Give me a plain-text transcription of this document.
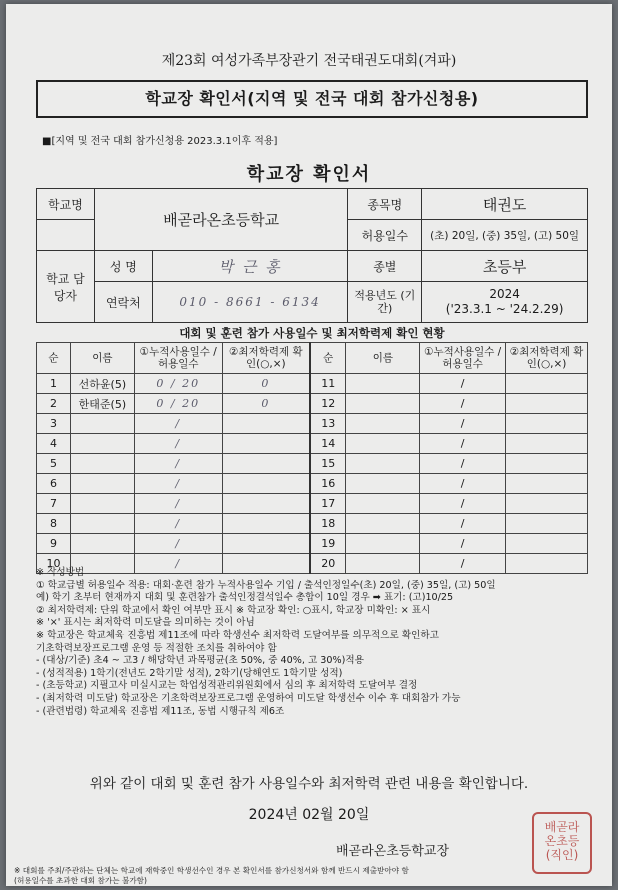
제23회 여성가족부장관기 전국태권도대회(겨파)
학교장 확인서(지역 및 전국 대회 참가신청용)
■[지역 및 전국 대회 참가신청용 2023.3.1이후 적용]
학교장 확인서
학교명	배곧라온초등학교		종목명	태권도
			허용일수	(초) 20일, (중) 35일, (고) 50일
학교 담당자	성 명	박 근 홍	종별	초등부
	연락처	010 - 8661 - 6134	적용년도 (기간)	2024
('23.3.1 ~ '24.2.29)
대회 및 훈련 참가 사용일수 및 최저학력제 확인 현황
순	이름	①누적사용일수 /허용일수	②최저학력제 확인(○,×)	순	이름	①누적사용일수 /허용일수	②최저학력제 확인(○,×)
1	선하윤(5)	0 / 20	0	11		/	
2	한태준(5)	0 / 20	0	12		/	
3		/		13		/	
4		/		14		/	
5		/		15		/	
6		/		16		/	
7		/		17		/	
8		/		18		/	
9		/		19		/	
10		/		20		/	
※ 작성방법
① 학교급별 허용일수 적용: 대회·훈련 참가 누적사용일수 기입 / 출석인정일수(초) 20일, (중) 35일, (고) 50일
예) 학기 초부터 현재까지 대회 및 훈련참가 출석인정결석일수 총합이 10일 경우 ➡ 표기: (고)10/25
② 최저학력제: 단위 학교에서 확인 여부만 표시 ※ 학교장 확인: ○표시, 학교장 미확인: × 표시
※ '×' 표시는 최저학력 미도달을 의미하는 것이 아님
※ 학교장은 학교체육 진흥법 제11조에 따라 학생선수 최저학력 도달여부를 의무적으로 확인하고
기초학력보장프로그램 운영 등 적절한 조치를 취하여야 함
- (대상/기준) 초4 ~ 고3 / 해당학년 과목평균(초 50%, 중 40%, 고 30%)적용
- (성적적용) 1학기(전년도 2학기말 성적), 2학기(당해연도 1학기말 성적)
- (초등학교) 지필고사 미실시교는 학업성적관리위원회에서 심의 후 최저학력 도달여부 결정
- (최저학력 미도달) 학교장은 기초학력보장프로그램 운영하여 미도달 학생선수 이수 후 대회참가 가능
- (관련법령) 학교체육 진흥법 제11조, 동법 시행규칙 제6조
위와 같이 대회 및 훈련 참가 사용일수와 최저학력 관련 내용을 확인합니다.
2024년 02월 20일
배곧라온초등학교장
배곧라
온초등
(직인)
※ 대회를 주최/주관하는 단체는 학교에 재학중인 학생선수인 경우 본 확인서를 참가신청서와 함께 반드시 제출받아야 함
(허용일수를 초과한 대회 참가는 불가함)
